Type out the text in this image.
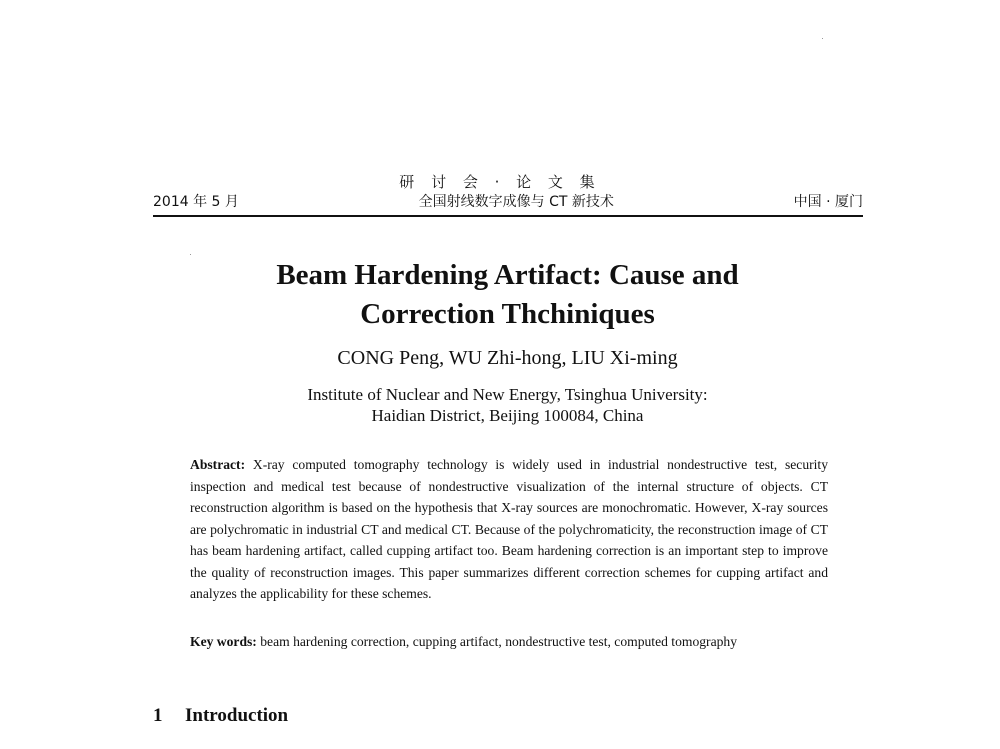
研 讨 会 · 论 文 集
2014 年 5 月	全国射线数字成像与 CT 新技术	中国 · 厦门
Beam Hardening Artifact: Cause and
Correction Thchiniques
CONG Peng, WU Zhi-hong, LIU Xi-ming
Institute of Nuclear and New Energy, Tsinghua University:
Haidian District, Beijing 100084, China
Abstract: X-ray computed tomography technology is widely used in industrial nondestructive test, security inspection and medical test because of nondestructive visualization of the internal structure of objects. CT reconstruction algorithm is based on the hypothesis that X-ray sources are monochromatic. However, X-ray sources are polychromatic in industrial CT and medical CT. Because of the polychromaticity, the reconstruction image of CT has beam hardening artifact, called cupping artifact too. Beam hardening correction is an important step to improve the quality of reconstruction images. This paper summarizes different correction schemes for cupping artifact and analyzes the applicability for these schemes.
Key words: beam hardening correction, cupping artifact, nondestructive test, computed tomography
1 Introduction
